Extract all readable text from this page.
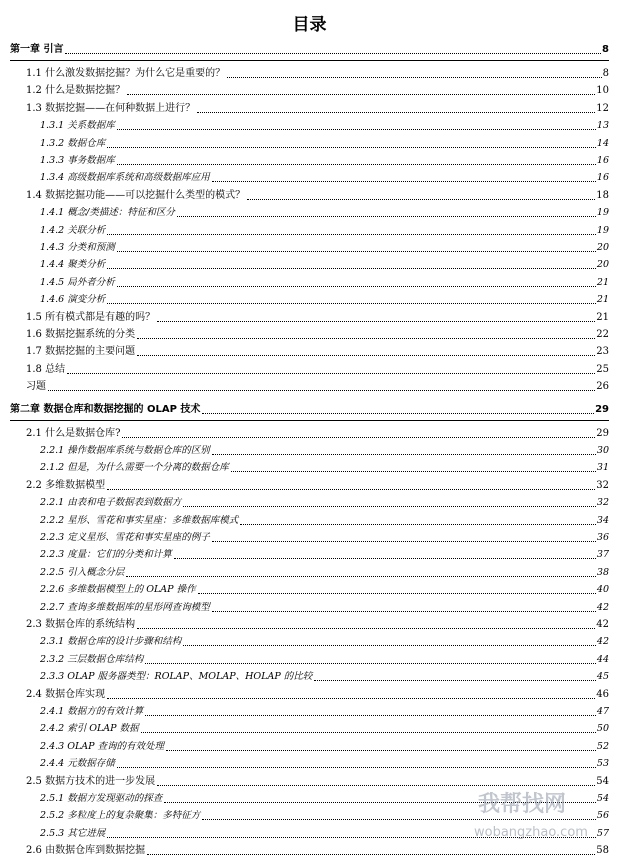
目录
第一章 引言	8
1.1 什么激发数据挖掘？为什么它是重要的？	8
1.2 什么是数据挖掘？	10
1.3 数据挖掘——在何种数据上进行？	12
1.3.1 关系数据库	13
1.3.2 数据仓库	14
1.3.3 事务数据库	16
1.3.4 高级数据库系统和高级数据库应用	16
1.4 数据挖掘功能——可以挖掘什么类型的模式？	18
1.4.1 概念/类描述：特征和区分	19
1.4.2 关联分析	19
1.4.3 分类和预测	20
1.4.4 聚类分析	20
1.4.5 局外者分析	21
1.4.6 演变分析	21
1.5 所有模式都是有趣的吗？	21
1.6 数据挖掘系统的分类	22
1.7 数据挖掘的主要问题	23
1.8 总结	25
习题	26
第二章 数据仓库和数据挖掘的 OLAP 技术	29
2.1 什么是数据仓库?	29
2.2.1 操作数据库系统与数据仓库的区别	30
2.1.2 但是，为什么需要一个分离的数据仓库	31
2.2 多维数据模型	32
2.2.1 由表和电子数据表到数据方	32
2.2.2 星形、雪花和事实星座：多维数据库模式	34
2.2.3 定义星形、雪花和事实星座的例子	36
2.2.3 度量：它们的分类和计算	37
2.2.5 引入概念分层	38
2.2.6 多维数据模型上的 OLAP 操作	40
2.2.7 查询多维数据库的星形网查询模型	42
2.3 数据仓库的系统结构	42
2.3.1 数据仓库的设计步骤和结构	42
2.3.2 三层数据仓库结构	44
2.3.3 OLAP 服务器类型：ROLAP、MOLAP、HOLAP 的比较	45
2.4 数据仓库实现	46
2.4.1 数据方的有效计算	47
2.4.2 索引 OLAP 数据	50
2.4.3 OLAP 查询的有效处理	52
2.4.4 元数据存储	53
2.5 数据方技术的进一步发展	54
2.5.1 数据方发现驱动的探查	54
2.5.2 多粒度上的复杂聚集：多特征方	56
2.5.3 其它进展	57
2.6 由数据仓库到数据挖掘	58
我帮找网
wobangzhao.com
